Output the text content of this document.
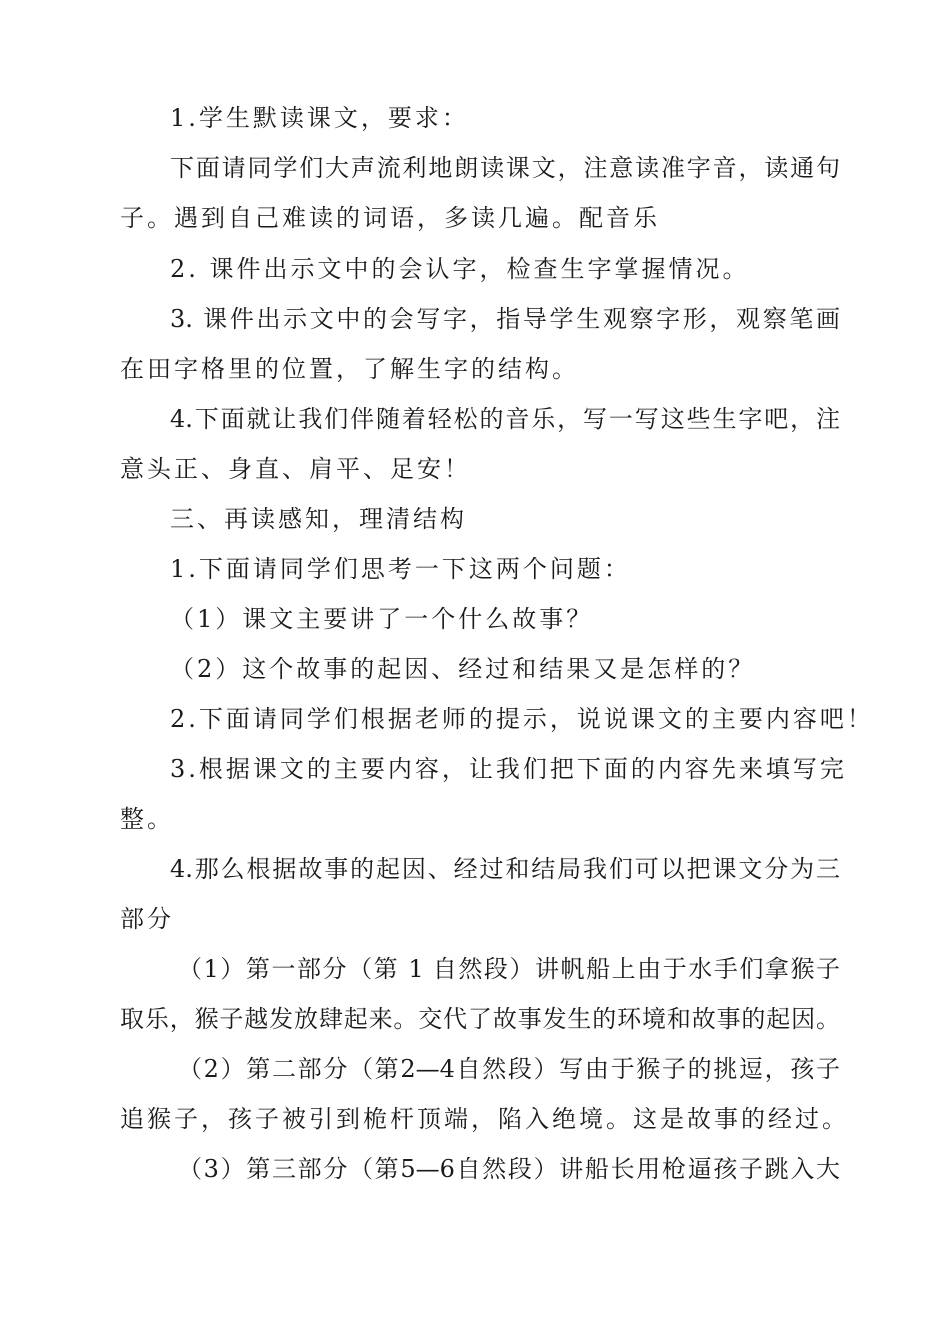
1.学生默读课文，要求：
下面请同学们大声流利地朗读课文，注意读准字音，读通句
子。遇到自己难读的词语，多读几遍。配音乐
2. 课件出示文中的会认字，检查生字掌握情况。
3. 课件出示文中的会写字，指导学生观察字形，观察笔画
在田字格里的位置，了解生字的结构。
4.下面就让我们伴随着轻松的音乐，写一写这些生字吧，注
意头正、身直、肩平、足安！
三、再读感知，理清结构
1.下面请同学们思考一下这两个问题：
（1）课文主要讲了一个什么故事？
（2）这个故事的起因、经过和结果又是怎样的？
2.下面请同学们根据老师的提示，说说课文的主要内容吧！
3.根据课文的主要内容，让我们把下面的内容先来填写完
整。
4.那么根据故事的起因、经过和结局我们可以把课文分为三
部分
（1）第一部分（第 1 自然段）讲帆船上由于水手们拿猴子
取乐，猴子越发放肆起来。交代了故事发生的环境和故事的起因。
（2）第二部分（第2—4自然段）写由于猴子的挑逗，孩子
追猴子，孩子被引到桅杆顶端，陷入绝境。这是故事的经过。
（3）第三部分（第5—6自然段）讲船长用枪逼孩子跳入大
